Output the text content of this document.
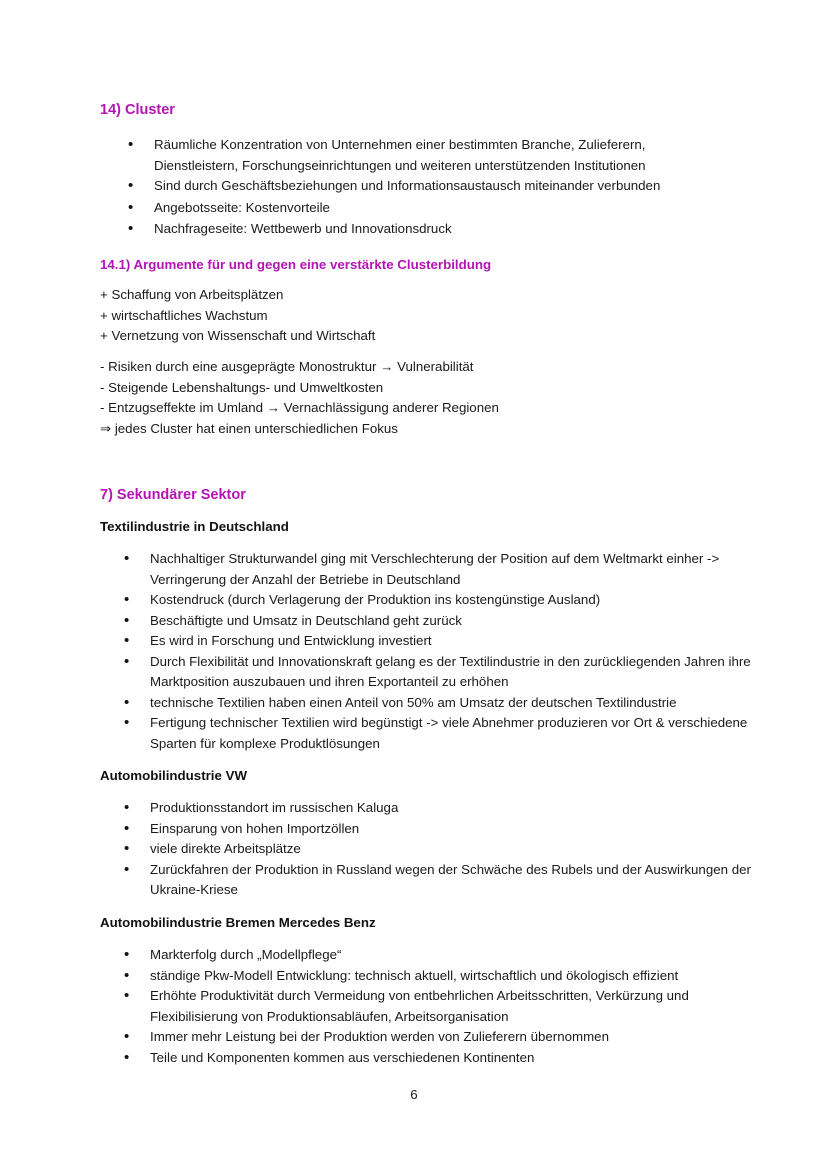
14) Cluster
• Räumliche Konzentration von Unternehmen einer bestimmten Branche, Zulieferern, Dienstleistern, Forschungseinrichtungen und weiteren unterstützenden Institutionen
• Sind durch Geschäftsbeziehungen und Informationsaustausch miteinander verbunden
• Angebotsseite: Kostenvorteile
• Nachfrageseite: Wettbewerb und Innovationsdruck
14.1) Argumente für und gegen eine verstärkte Clusterbildung
+ Schaffung von Arbeitsplätzen
+ wirtschaftliches Wachstum
+ Vernetzung von Wissenschaft und Wirtschaft
- Risiken durch eine ausgeprägte Monostruktur → Vulnerabilität
- Steigende Lebenshaltungs- und Umweltkosten
- Entzugseffekte im Umland → Vernachlässigung anderer Regionen
⇒ jedes Cluster hat einen unterschiedlichen Fokus
7) Sekundärer Sektor
Textilindustrie in Deutschland
• Nachhaltiger Strukturwandel ging mit Verschlechterung der Position auf dem Weltmarkt einher -> Verringerung der Anzahl der Betriebe in Deutschland
• Kostendruck (durch Verlagerung der Produktion ins kostengünstige Ausland)
• Beschäftigte und Umsatz in Deutschland geht zurück
• Es wird in Forschung und Entwicklung investiert
• Durch Flexibilität und Innovationskraft gelang es der Textilindustrie in den zurückliegenden Jahren ihre Marktposition auszubauen und ihren Exportanteil zu erhöhen
• technische Textilien haben einen Anteil von 50% am Umsatz der deutschen Textilindustrie
• Fertigung technischer Textilien wird begünstigt -> viele Abnehmer produzieren vor Ort & verschiedene Sparten für komplexe Produktlösungen
Automobilindustrie VW
• Produktionsstandort im russischen Kaluga
• Einsparung von hohen Importzöllen
• viele direkte Arbeitsplätze
• Zurückfahren der Produktion in Russland wegen der Schwäche des Rubels und der Auswirkungen der Ukraine-Kriese
Automobilindustrie Bremen Mercedes Benz
• Markterfolg durch „Modellpflege“
• ständige Pkw-Modell Entwicklung: technisch aktuell, wirtschaftlich und ökologisch effizient
• Erhöhte Produktivität durch Vermeidung von entbehrlichen Arbeitsschritten, Verkürzung und Flexibilisierung von Produktionsabläufen, Arbeitsorganisation
• Immer mehr Leistung bei der Produktion werden von Zulieferern übernommen
• Teile und Komponenten kommen aus verschiedenen Kontinenten
6
